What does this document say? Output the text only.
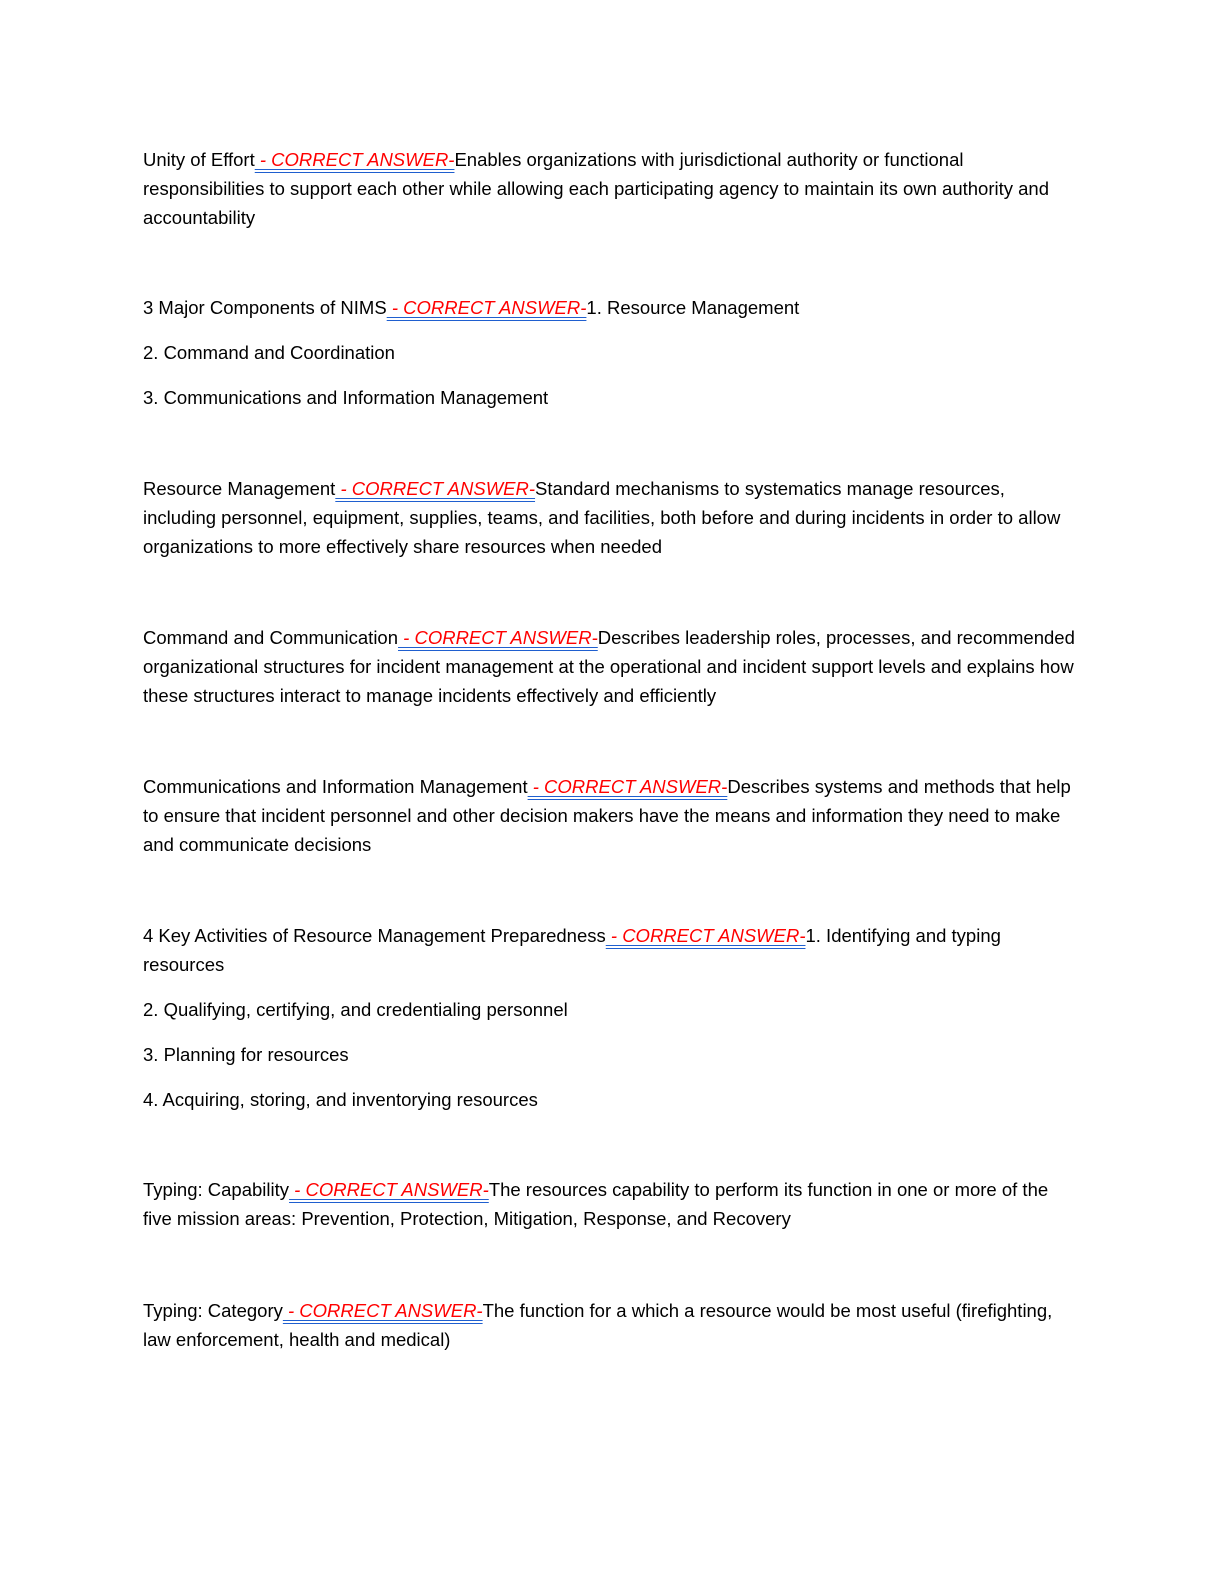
Unity of Effort - CORRECT ANSWER-Enables organizations with jurisdictional authority or functional responsibilities to support each other while allowing each participating agency to maintain its own authority and accountability

3 Major Components of NIMS - CORRECT ANSWER-1. Resource Management

2. Command and Coordination

3. Communications and Information Management

Resource Management - CORRECT ANSWER-Standard mechanisms to systematics manage resources, including personnel, equipment, supplies, teams, and facilities, both before and during incidents in order to allow organizations to more effectively share resources when needed

Command and Communication - CORRECT ANSWER-Describes leadership roles, processes, and recommended organizational structures for incident management at the operational and incident support levels and explains how these structures interact to manage incidents effectively and efficiently

Communications and Information Management - CORRECT ANSWER-Describes systems and methods that help to ensure that incident personnel and other decision makers have the means and information they need to make and communicate decisions

4 Key Activities of Resource Management Preparedness - CORRECT ANSWER-1. Identifying and typing resources

2. Qualifying, certifying, and credentialing personnel

3. Planning for resources

4. Acquiring, storing, and inventorying resources

Typing: Capability - CORRECT ANSWER-The resources capability to perform its function in one or more of the five mission areas: Prevention, Protection, Mitigation, Response, and Recovery

Typing: Category - CORRECT ANSWER-The function for a which a resource would be most useful (firefighting, law enforcement, health and medical)
